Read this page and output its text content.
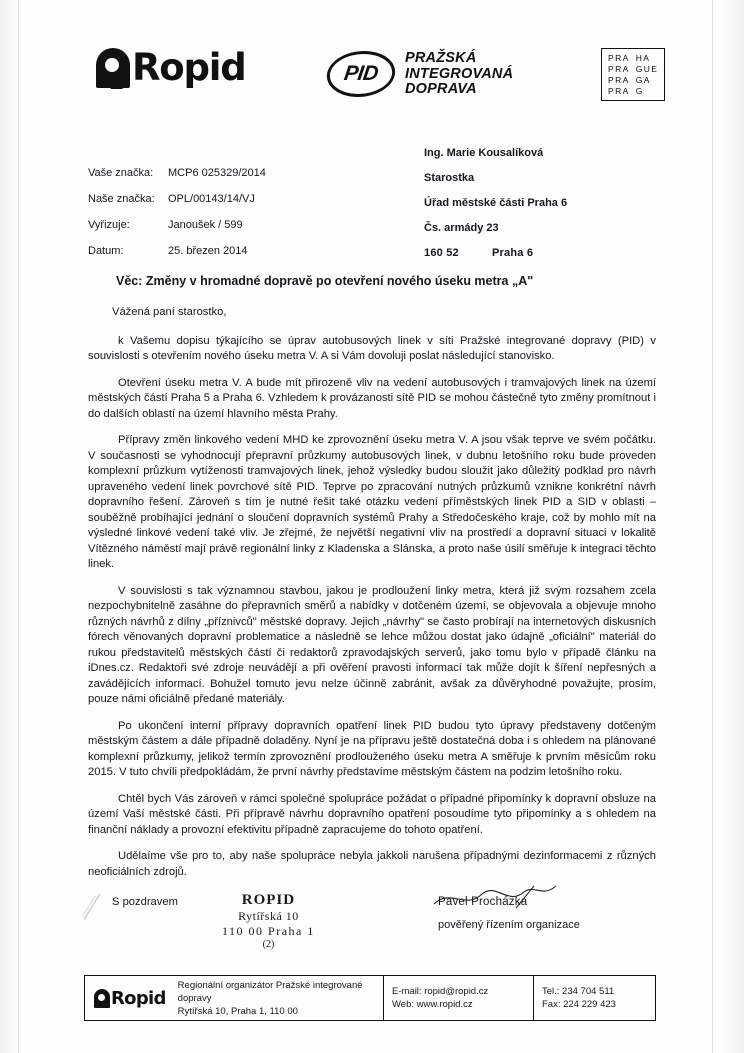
Ropid	PID
PRAŽSKÁ
INTEGROVANÁ
DOPRAVA
PRA HA
PRA GUE
PRA GA
PRA G
Vaše značka:	MCP6 025329/2014
Naše značka:	OPL/00143/14/VJ
Vyřizuje:	Janoušek / 599
Datum:	25. březen 2014
Ing. Marie Kousalíková
Starostka
Úřad městské části Praha 6
Čs. armády 23
160 52	Praha 6
Věc: Změny v hromadné dopravě po otevření nového úseku metra „A"

Vážená paní starostko,

k Vašemu dopisu týkajícího se úprav autobusových linek v síti Pražské integrované dopravy (PID) v souvislosti s otevřením nového úseku metra V. A si Vám dovoluji poslat následující stanovisko.

Otevření úseku metra V. A bude mít přirozeně vliv na vedení autobusových i tramvajových linek na území městských částí Praha 5 a Praha 6. Vzhledem k provázanosti sítě PID se mohou částečně tyto změny promítnout i do dalších oblastí na území hlavního města Prahy.

Přípravy změn linkového vedení MHD ke zprovoznění úseku metra V. A jsou však teprve ve svém počátku. V současnosti se vyhodnocují přepravní průzkumy autobusových linek, v dubnu letošního roku bude proveden komplexní průzkum vytíženosti tramvajových linek, jehož výsledky budou sloužit jako důležitý podklad pro návrh upraveného vedení linek povrchové sítě PID. Teprve po zpracování nutných průzkumů vznikne konkrétní návrh dopravního řešení. Zároveň s tím je nutné řešit také otázku vedení příměstských linek PID a SID v oblasti – souběžně probíhající jednání o sloučení dopravních systémů Prahy a Středočeského kraje, což by mohlo mít na výsledné linkové vedení také vliv. Je zřejmé, že největší negativní vliv na prostředí a dopravní situaci v lokalitě Vítězného náměstí mají právě regionální linky z Kladenska a Slánska, a proto naše úsilí směřuje k integraci těchto linek.

V souvislosti s tak významnou stavbou, jakou je prodloužení linky metra, která již svým rozsahem zcela nezpochybnitelně zasáhne do přepravních směrů a nabídky v dotčeném území, se objevovala a objevuje mnoho různých návrhů z dílny „příznivců" městské dopravy. Jejich „návrhy" se často probírají na internetových diskusních fórech věnovaných dopravní problematice a následně se lehce můžou dostat jako údajně „oficiální" materiál do rukou představitelů městských částí či redaktorů zpravodajských serverů, jako tomu bylo v případě článku na iDnes.cz. Redaktoři své zdroje neuvádějí a při ověření pravosti informací tak může dojít k šíření nepřesných a zavádějících informací. Bohužel tomuto jevu nelze účinně zabránit, avšak za důvěryhodné považujte, prosím, pouze námi oficiálně předané materiály.

Po ukončení interní přípravy dopravních opatření linek PID budou tyto úpravy představeny dotčeným městským částem a dále případně doladěny. Nyní je na přípravu ještě dostatečná doba i s ohledem na plánované komplexní průzkumy, jelikož termín zprovoznění prodlouženého úseku metra A směřuje k prvním měsícům roku 2015. V tuto chvíli předpokládám, že první návrhy představíme městským částem na podzim letošního roku.

Chtěl bych Vás zároveň v rámci společné spolupráce požádat o případné připomínky k dopravní obsluze na území Vaší městské části. Při přípravě návrhu dopravního opatření posoudíme tyto připomínky a s ohledem na finanční náklady a provozní efektivitu případně zapracujeme do tohoto opatření.

Udělaíme vše pro to, aby naše spolupráce nebyla jakkoli narušena případnými dezinformacemi z různých neoficiálních zdrojů.

S pozdravem	ROPID
Rytířská 10
110 00 Praha 1
(2)
Pavel Procházka
pověřený řízením organizace
Ropid
Regionální organizátor Pražské integrované dopravy
Rytířská 10, Praha 1, 110 00
E-mail: ropid@ropid.cz
Web: www.ropid.cz
Tel.: 234 704 511
Fax: 224 229 423
